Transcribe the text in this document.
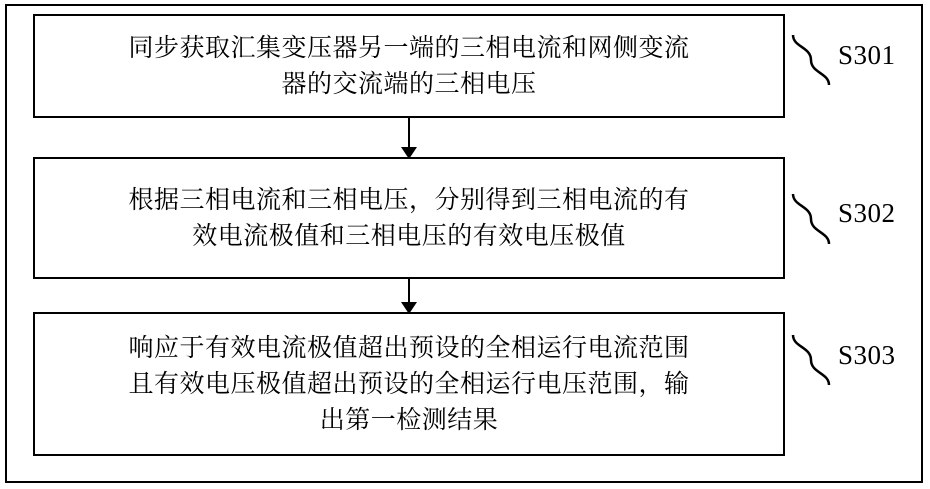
同步获取汇集变压器另一端的三相电流和网侧变流
器的交流端的三相电压
根据三相电流和三相电压，分别得到三相电流的有
效电流极值和三相电压的有效电压极值
响应于有效电流极值超出预设的全相运行电流范围
且有效电压极值超出预设的全相运行电压范围，输
出第一检测结果
S301
S302
S303
